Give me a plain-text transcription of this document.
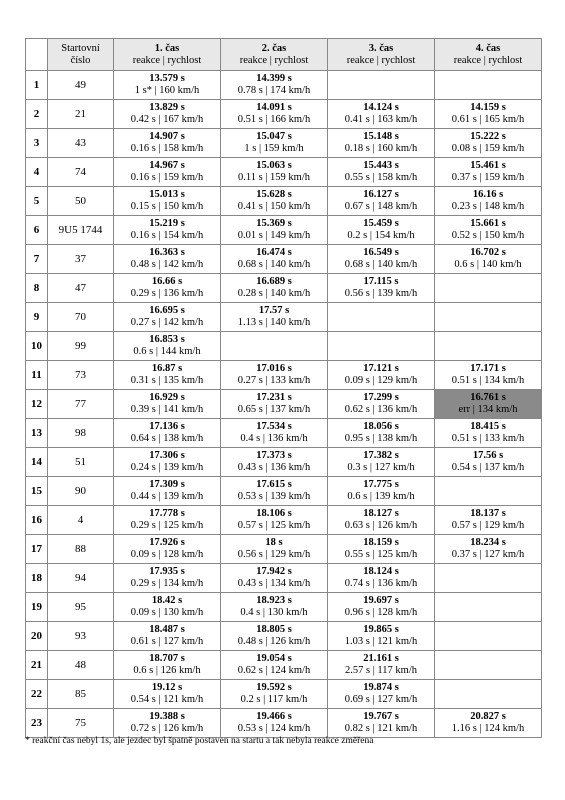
	Startovní
číslo	1. čas
reakce | rychlost	2. čas
reakce | rychlost	3. čas
reakce | rychlost	4. čas
reakce | rychlost

1	49	13.579 s
1 s* | 160 km/h	14.399 s
0.78 s | 174 km/h		

2	21	13.829 s
0.42 s | 167 km/h	14.091 s
0.51 s | 166 km/h	14.124 s
0.41 s | 163 km/h	14.159 s
0.61 s | 165 km/h

3	43	14.907 s
0.16 s | 158 km/h	15.047 s
1 s | 159 km/h	15.148 s
0.18 s | 160 km/h	15.222 s
0.08 s | 159 km/h

4	74	14.967 s
0.16 s | 159 km/h	15.063 s
0.11 s | 159 km/h	15.443 s
0.55 s | 158 km/h	15.461 s
0.37 s | 159 km/h

5	50	15.013 s
0.15 s | 150 km/h	15.628 s
0.41 s | 150 km/h	16.127 s
0.67 s | 148 km/h	16.16 s
0.23 s | 148 km/h

6	9U5 1744	15.219 s
0.16 s | 154 km/h	15.369 s
0.01 s | 149 km/h	15.459 s
0.2 s | 154 km/h	15.661 s
0.52 s | 150 km/h

7	37	16.363 s
0.48 s | 142 km/h	16.474 s
0.68 s | 140 km/h	16.549 s
0.68 s | 140 km/h	16.702 s
0.6 s | 140 km/h

8	47	16.66 s
0.29 s | 136 km/h	16.689 s
0.28 s | 140 km/h	17.115 s
0.56 s | 139 km/h	

9	70	16.695 s
0.27 s | 142 km/h	17.57 s
1.13 s | 140 km/h		

10	99	16.853 s
0.6 s | 144 km/h			

11	73	16.87 s
0.31 s | 135 km/h	17.016 s
0.27 s | 133 km/h	17.121 s
0.09 s | 129 km/h	17.171 s
0.51 s | 134 km/h

12	77	16.929 s
0.39 s | 141 km/h	17.231 s
0.65 s | 137 km/h	17.299 s
0.62 s | 136 km/h	16.761 s
err | 134 km/h

13	98	17.136 s
0.64 s | 138 km/h	17.534 s
0.4 s | 136 km/h	18.056 s
0.95 s | 138 km/h	18.415 s
0.51 s | 133 km/h

14	51	17.306 s
0.24 s | 139 km/h	17.373 s
0.43 s | 136 km/h	17.382 s
0.3 s | 127 km/h	17.56 s
0.54 s | 137 km/h

15	90	17.309 s
0.44 s | 139 km/h	17.615 s
0.53 s | 139 km/h	17.775 s
0.6 s | 139 km/h	

16	4	17.778 s
0.29 s | 125 km/h	18.106 s
0.57 s | 125 km/h	18.127 s
0.63 s | 126 km/h	18.137 s
0.57 s | 129 km/h

17	88	17.926 s
0.09 s | 128 km/h	18 s
0.56 s | 129 km/h	18.159 s
0.55 s | 125 km/h	18.234 s
0.37 s | 127 km/h

18	94	17.935 s
0.29 s | 134 km/h	17.942 s
0.43 s | 134 km/h	18.124 s
0.74 s | 136 km/h	

19	95	18.42 s
0.09 s | 130 km/h	18.923 s
0.4 s | 130 km/h	19.697 s
0.96 s | 128 km/h	

20	93	18.487 s
0.61 s | 127 km/h	18.805 s
0.48 s | 126 km/h	19.865 s
1.03 s | 121 km/h	

21	48	18.707 s
0.6 s | 126 km/h	19.054 s
0.62 s | 124 km/h	21.161 s
2.57 s | 117 km/h	

22	85	19.12 s
0.54 s | 121 km/h	19.592 s
0.2 s | 117 km/h	19.874 s
0.69 s | 127 km/h	

23	75	19.388 s
0.72 s | 126 km/h	19.466 s
0.53 s | 124 km/h	19.767 s
0.82 s | 121 km/h	20.827 s
1.16 s | 124 km/h
* reakční čas nebyl 1s, ale jezdec byl špatně postaven na startu a tak nebyla reakce změřena
